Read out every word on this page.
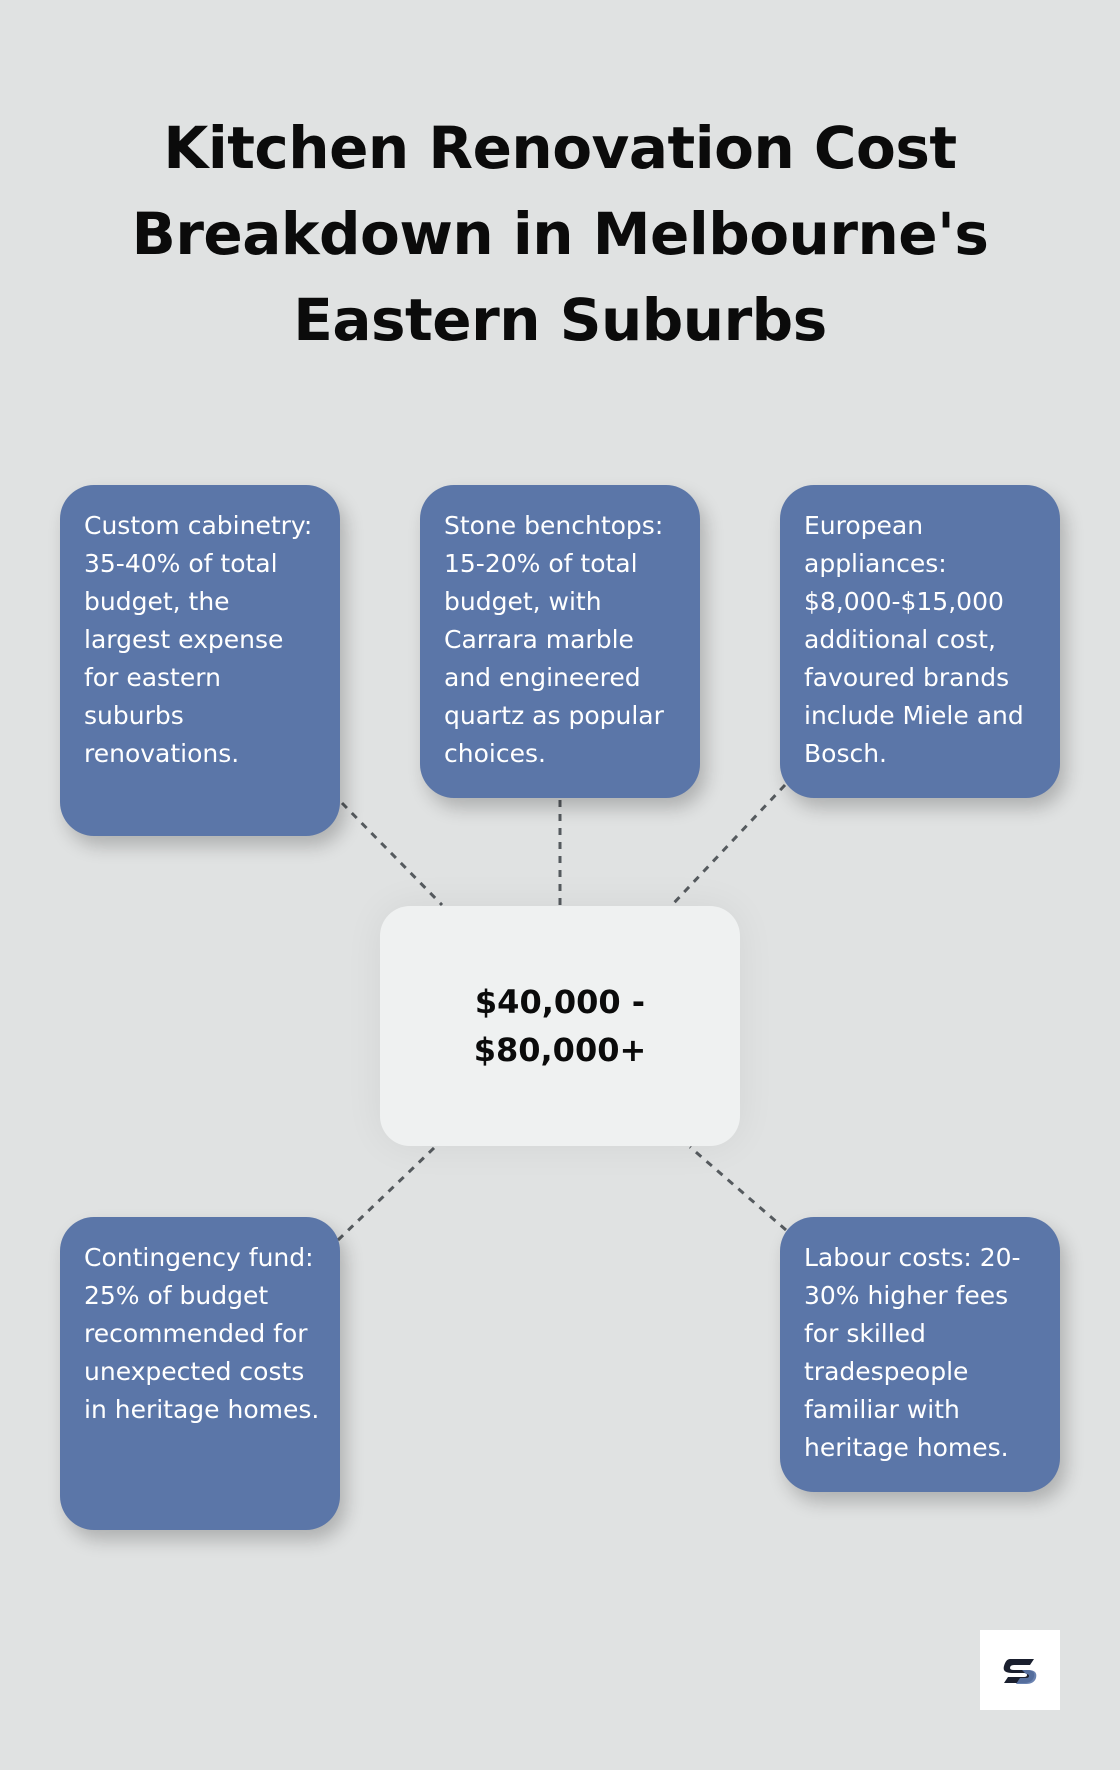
Kitchen Renovation Cost Breakdown in Melbourne's Eastern Suburbs
Custom cabinetry: 35-40% of total budget, the largest expense for eastern suburbs renovations.
Stone benchtops: 15-20% of total budget, with Carrara marble and engineered quartz as popular choices.
European appliances: $8,000-$15,000 additional cost, favoured brands include Miele and Bosch.
Contingency fund: 25% of budget recommended for unexpected costs in heritage homes.
Labour costs: 20-30% higher fees for skilled tradespeople familiar with heritage homes.
$40,000 - $80,000+
